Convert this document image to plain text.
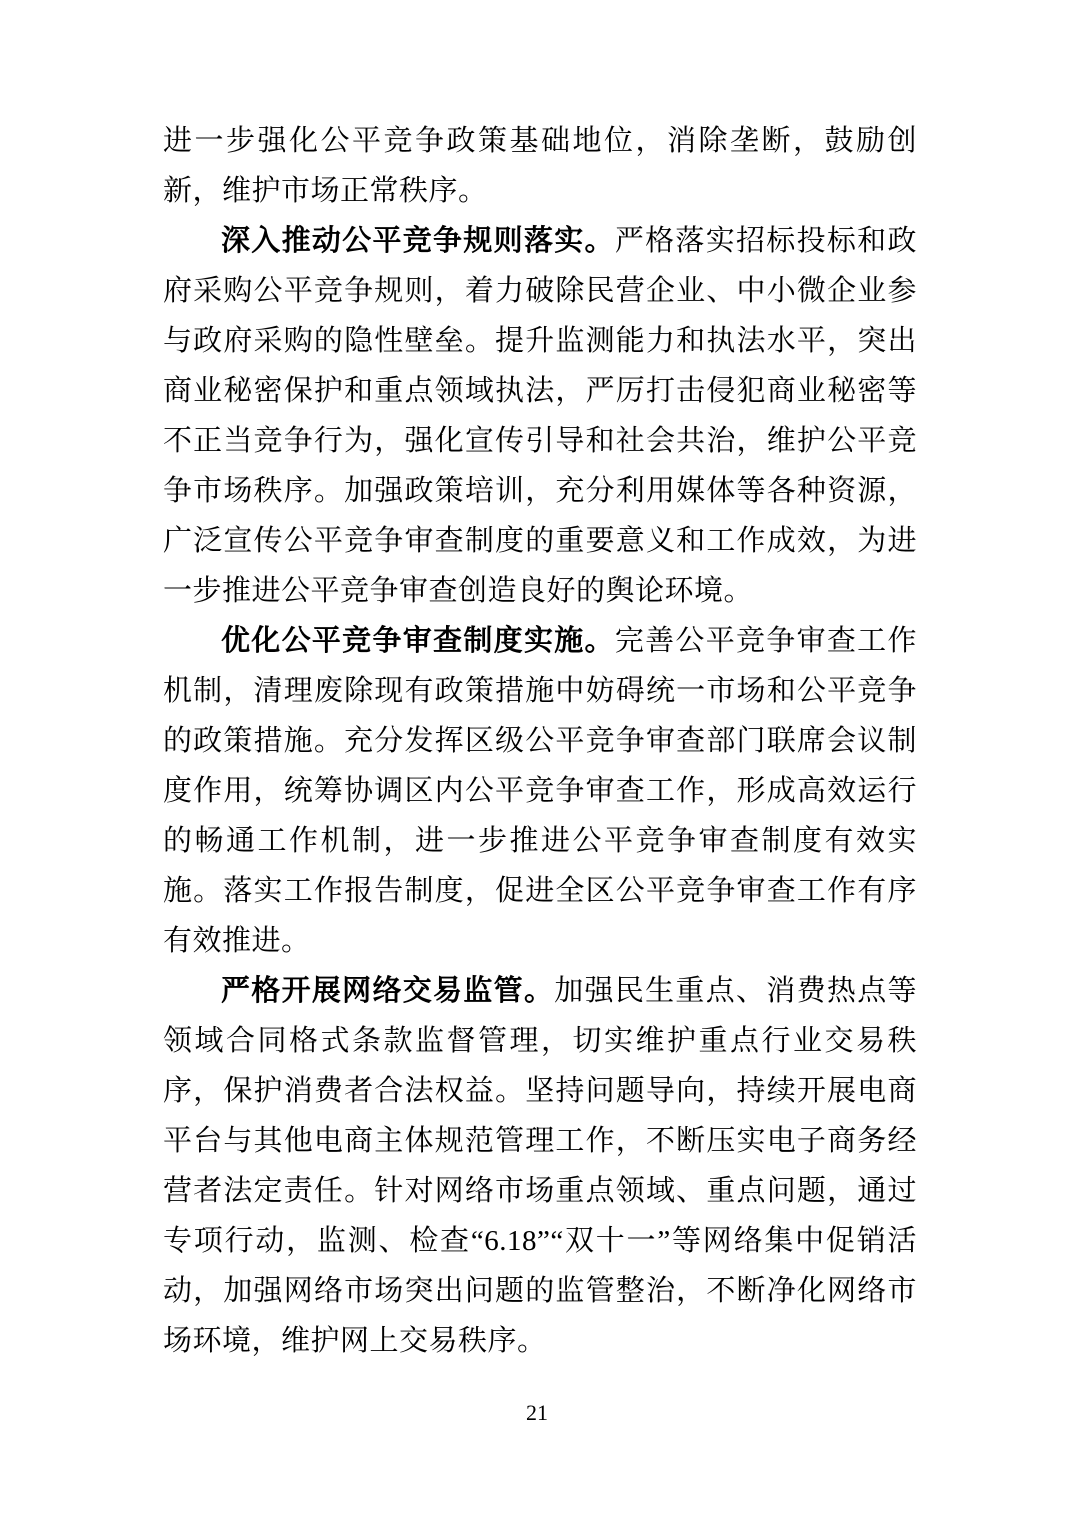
进一步强化公平竞争政策基础地位，消除垄断，鼓励创新，维护市场正常秩序。

深入推动公平竞争规则落实。严格落实招标投标和政府采购公平竞争规则，着力破除民营企业、中小微企业参与政府采购的隐性壁垒。提升监测能力和执法水平，突出商业秘密保护和重点领域执法，严厉打击侵犯商业秘密等不正当竞争行为，强化宣传引导和社会共治，维护公平竞争市场秩序。加强政策培训，充分利用媒体等各种资源，广泛宣传公平竞争审查制度的重要意义和工作成效，为进一步推进公平竞争审查创造良好的舆论环境。

优化公平竞争审查制度实施。完善公平竞争审查工作机制，清理废除现有政策措施中妨碍统一市场和公平竞争的政策措施。充分发挥区级公平竞争审查部门联席会议制度作用，统筹协调区内公平竞争审查工作，形成高效运行的畅通工作机制，进一步推进公平竞争审查制度有效实施。落实工作报告制度，促进全区公平竞争审查工作有序有效推进。

严格开展网络交易监管。加强民生重点、消费热点等领域合同格式条款监督管理，切实维护重点行业交易秩序，保护消费者合法权益。坚持问题导向，持续开展电商平台与其他电商主体规范管理工作，不断压实电子商务经营者法定责任。针对网络市场重点领域、重点问题，通过专项行动，监测、检查“6.18”“双十一”等网络集中促销活动，加强网络市场突出问题的监管整治，不断净化网络市场环境，维护网上交易秩序。

21
